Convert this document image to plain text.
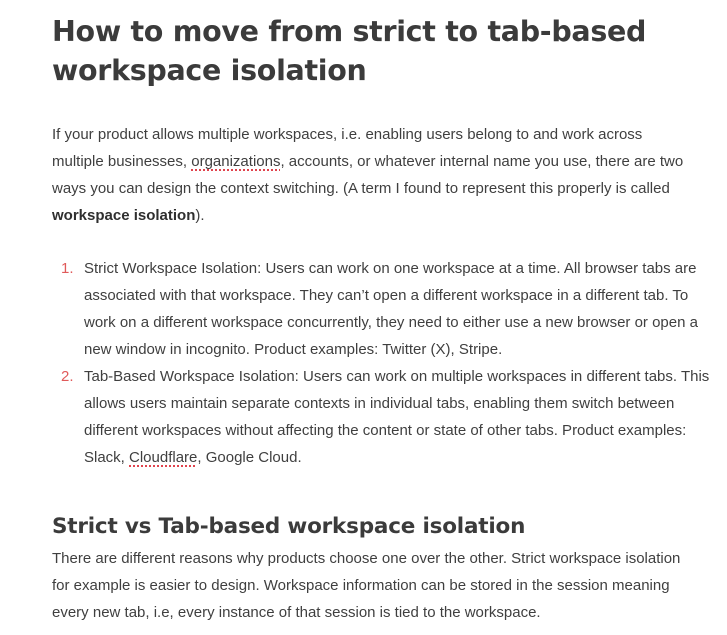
How to move from strict to tab-based workspace isolation

If your product allows multiple workspaces, i.e. enabling users belong to and work across multiple businesses, organizations, accounts, or whatever internal name you use, there are two ways you can design the context switching. (A term I found to represent this properly is called workspace isolation).

1. Strict Workspace Isolation: Users can work on one workspace at a time. All browser tabs are associated with that workspace. They can’t open a different workspace in a different tab. To work on a different workspace concurrently, they need to either use a new browser or open a new window in incognito. Product examples: Twitter (X), Stripe.
2. Tab-Based Workspace Isolation: Users can work on multiple workspaces in different tabs. This allows users maintain separate contexts in individual tabs, enabling them switch between different workspaces without affecting the content or state of other tabs. Product examples: Slack, Cloudflare, Google Cloud.
Strict vs Tab-based workspace isolation

There are different reasons why products choose one over the other. Strict workspace isolation for example is easier to design. Workspace information can be stored in the session meaning every new tab, i.e, every instance of that session is tied to the workspace.
